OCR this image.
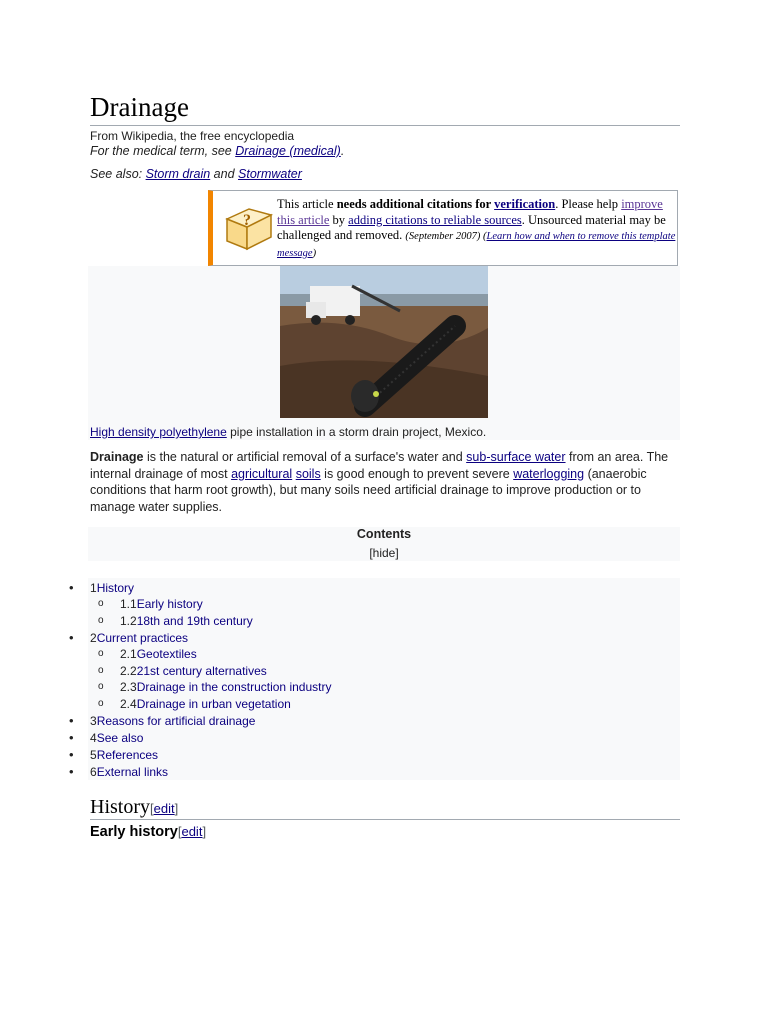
Drainage
From Wikipedia, the free encyclopedia
For the medical term, see Drainage (medical).
See also: Storm drain and Stormwater
?
This article needs additional citations for verification. Please help improve this article by adding citations to reliable sources. Unsourced material may be challenged and removed. (September 2007) (Learn how and when to remove this template message)
High density polyethylene pipe installation in a storm drain project, Mexico.
Drainage is the natural or artificial removal of a surface's water and sub-surface water from an area. The internal drainage of most agricultural soils is good enough to prevent severe waterlogging (anaerobic conditions that harm root growth), but many soils need artificial drainage to improve production or to manage water supplies.
Contents
[hide]
• 1History
o 1.1Early history
o 1.218th and 19th century
• 2Current practices
o 2.1Geotextiles
o 2.221st century alternatives
o 2.3Drainage in the construction industry
o 2.4Drainage in urban vegetation
• 3Reasons for artificial drainage
• 4See also
• 5References
• 6External links
History[edit]
Early history[edit]
